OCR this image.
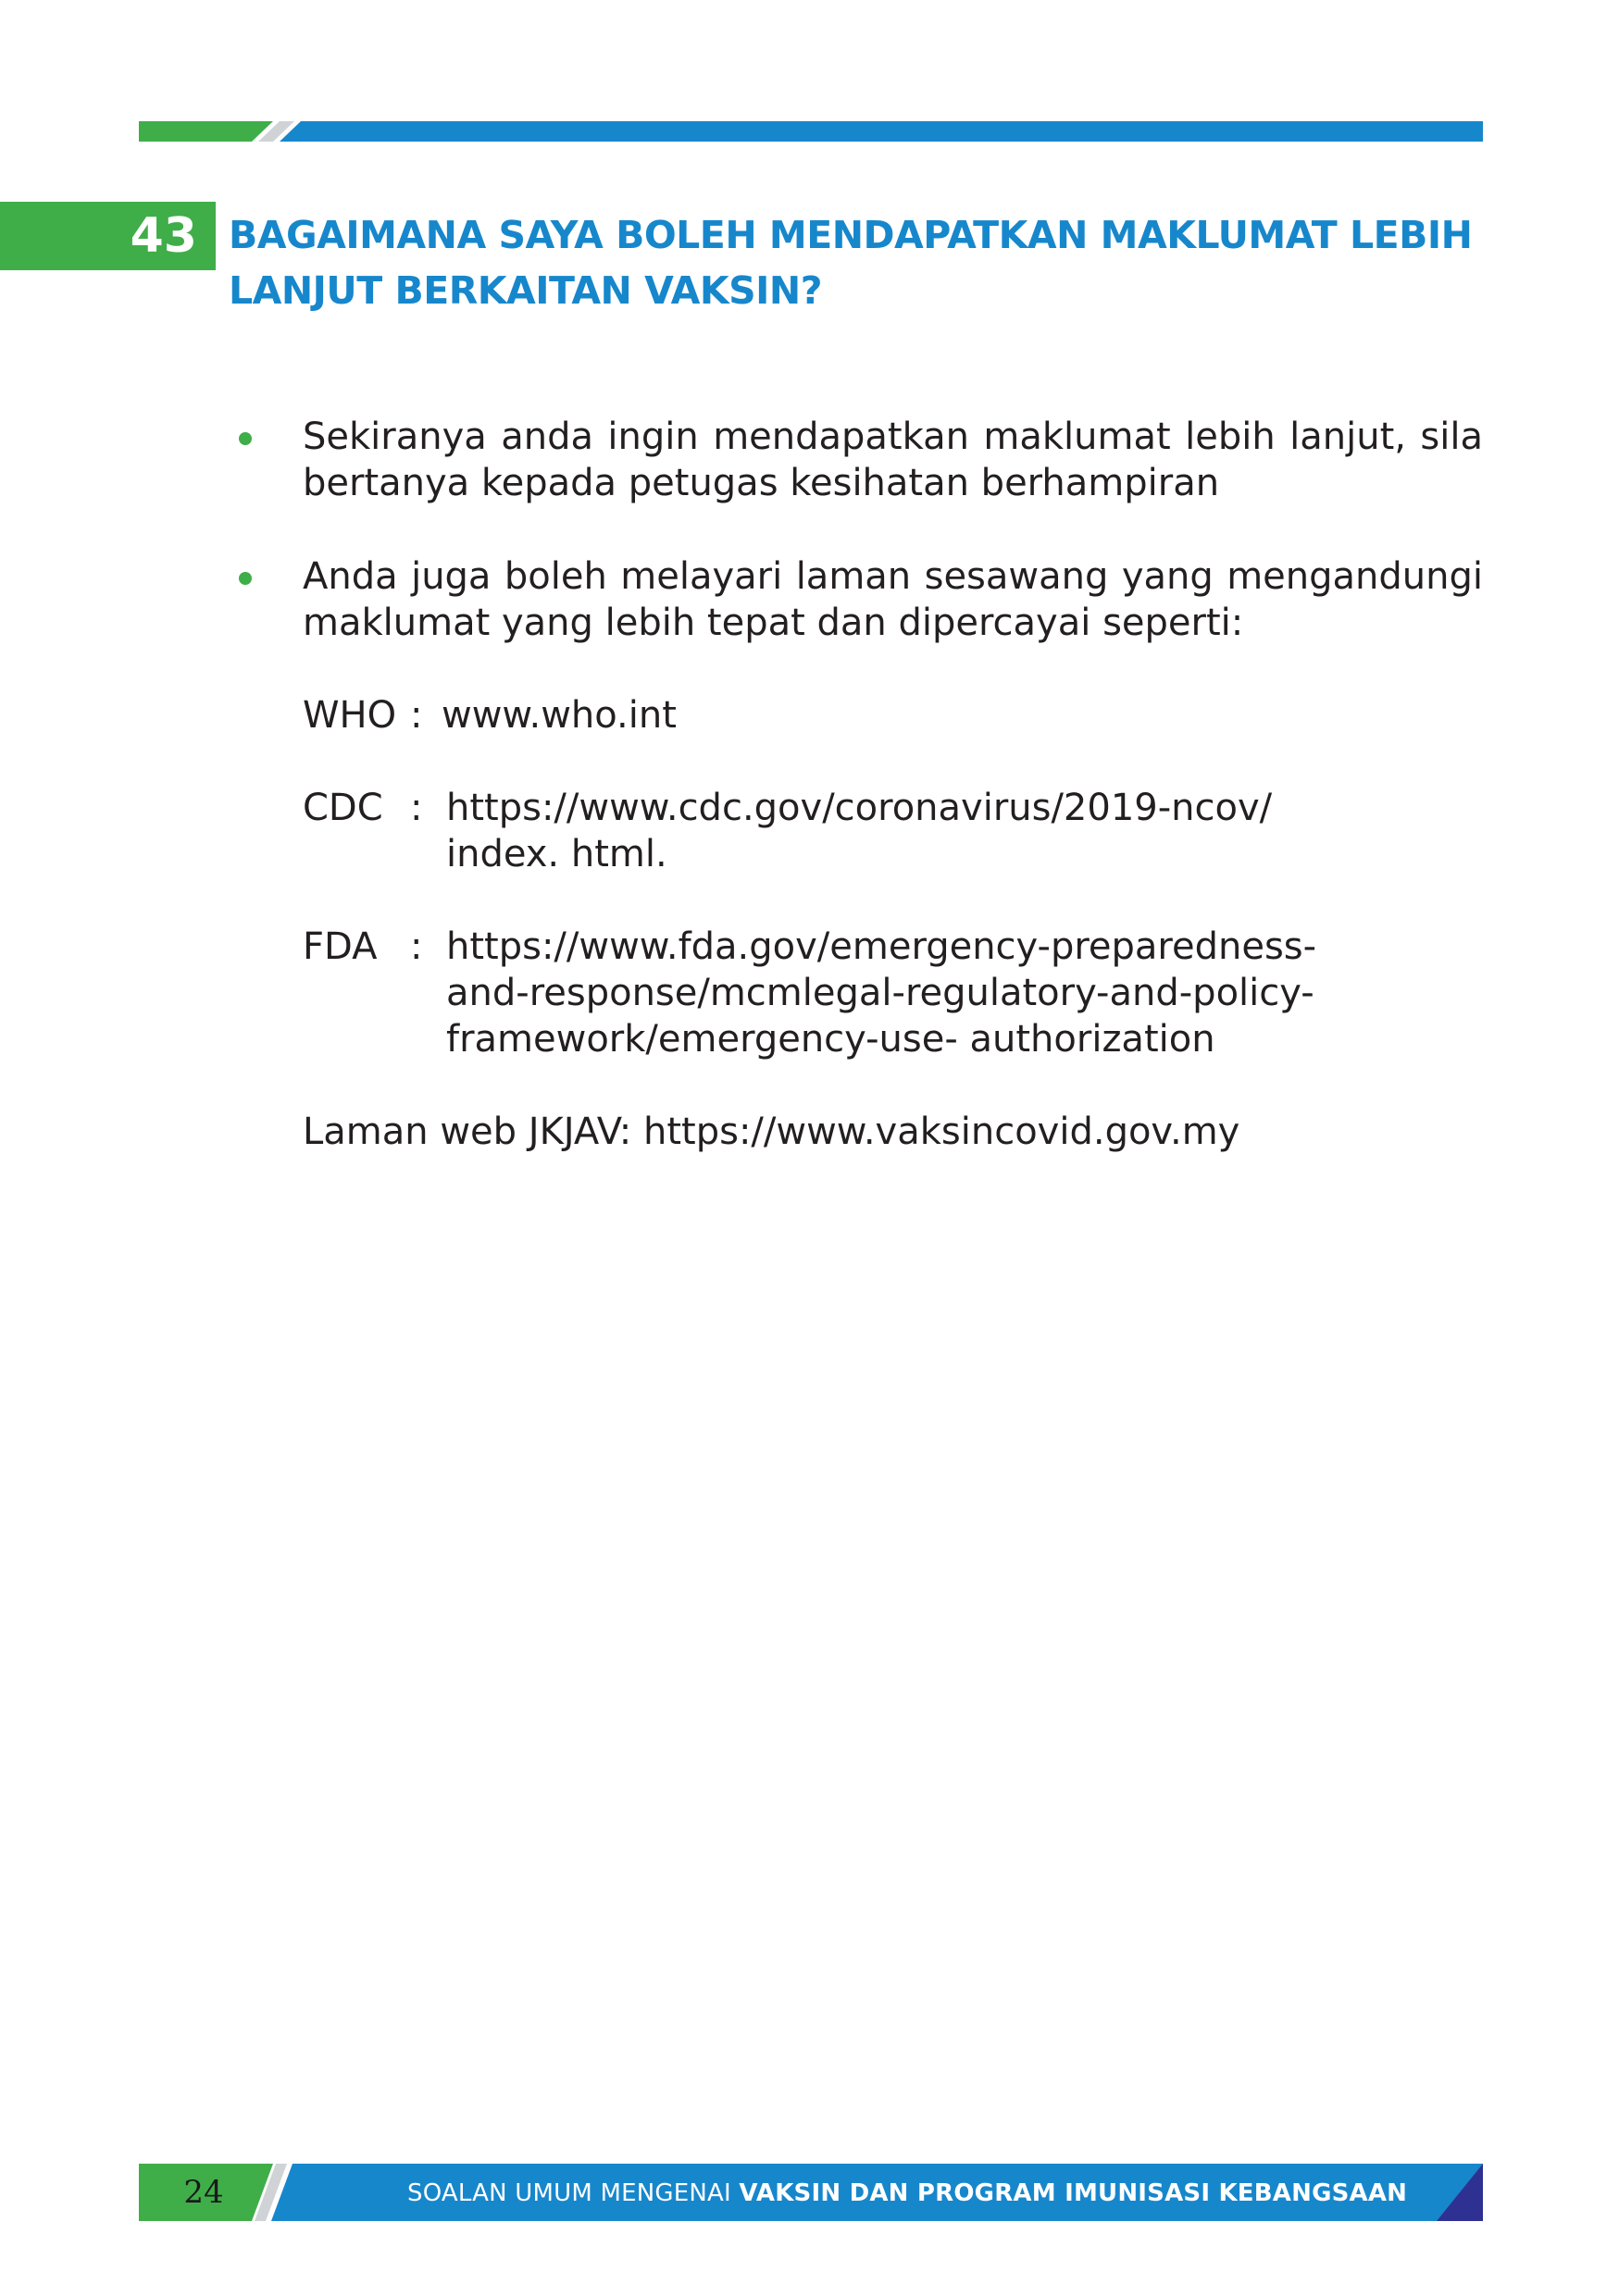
43 BAGAIMANA SAYA BOLEH MENDAPATKAN MAKLUMAT LEBIH
LANJUT BERKAITAN VAKSIN?
Sekiranya anda ingin mendapatkan maklumat lebih lanjut, sila
bertanya kepada petugas kesihatan berhampiran
Anda juga boleh melayari laman sesawang yang mengandungi
maklumat yang lebih tepat dan dipercayai seperti:
WHO : www.who.int
CDC : https://www.cdc.gov/coronavirus/2019-ncov/
index. html.
FDA : https://www.fda.gov/emergency-preparedness-
and-response/mcmlegal-regulatory-and-policy-
framework/emergency-use- authorization
Laman web JKJAV: https://www.vaksincovid.gov.my
24	SOALAN UMUM MENGENAI VAKSIN DAN PROGRAM IMUNISASI KEBANGSAAN
